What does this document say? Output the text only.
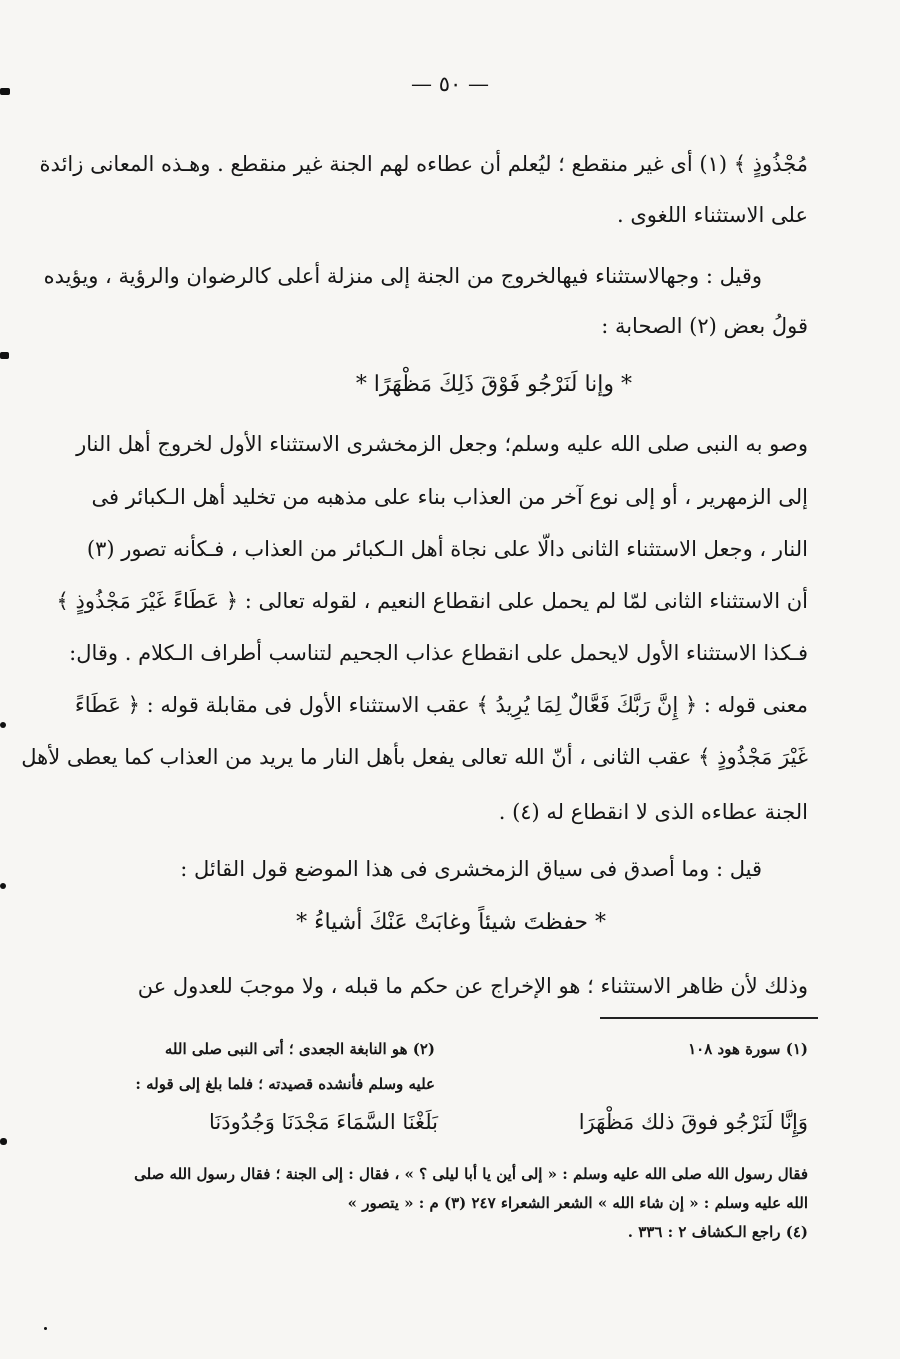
— ٥٠ —
مُجْذُوذٍ ﴾ (١) أى غير منقطع ؛ ليُعلم أن عطاءه لهم الجنة غير منقطع . وهـذه المعانى زائدة
على الاستثناء اللغوى .
وقيل : وجهالاستثناء فيهالخروج من الجنة إلى منزلة أعلى كالرضوان والرؤية ، ويؤيده
قولُ بعض (٢) الصحابة :
* وإنا لَنَرْجُو فَوْقَ ذَلِكَ مَظْهَرًا *
وصو به النبى صلى الله عليه وسلم؛ وجعل الزمخشرى الاستثناء الأول لخروج أهل النار
إلى الزمهرير ، أو إلى نوع آخر من العذاب بناء على مذهبه من تخليد أهل الـكبائر فى
النار ، وجعل الاستثناء الثانى دالّا على نجاة أهل الـكبائر من العذاب ، فـكأنه تصور (٣)
أن الاستثناء الثانى لمّا لم يحمل على انقطاع النعيم ، لقوله تعالى : ﴿ عَطَاءً غَيْرَ مَجْذُوذٍ ﴾
فـكذا الاستثناء الأول لايحمل على انقطاع عذاب الجحيم لتناسب أطراف الـكلام . وقال:
معنى قوله : ﴿ إِنَّ رَبَّكَ فَعَّالٌ لِمَا يُرِيدُ ﴾ عقب الاستثناء الأول فى مقابلة قوله : ﴿ عَطَاءً
غَيْرَ مَجْذُوذٍ ﴾ عقب الثانى ، أنّ الله تعالى يفعل بأهل النار ما يريد من العذاب كما يعطى لأهل
الجنة عطاءه الذى لا انقطاع له (٤) .
قيل : وما أصدق فى سياق الزمخشرى فى هذا الموضع قول القائل :
* حفظتَ شيئاً وغابَتْ عَنْكَ أشياءُ *
وذلك لأن ظاهر الاستثناء ؛ هو الإخراج عن حكم ما قبله ، ولا موجبَ للعدول عن
(١) سورة هود ١٠٨
(٢) هو النابغة الجعدى ؛ أتى النبى صلى الله
عليه وسلم فأنشده قصيدته ؛ فلما بلغ إلى قوله :
بَلَغْنَا السَّمَاءَ مَجْدَنَا وَجُدُودَنَا	وَإِنَّا لَنَرْجُو فوقَ ذلك مَظْهَرَا
فقال رسول الله صلى الله عليه وسلم : « إلى أين يا أبا ليلى ؟ » ، فقال : إلى الجنة ؛ فقال رسول الله صلى
الله عليه وسلم : « إن شاء الله » الشعر الشعراء ٢٤٧ (٣) م : « يتصور »
(٤) راجع الـكشاف ٢ : ٣٣٦ .
